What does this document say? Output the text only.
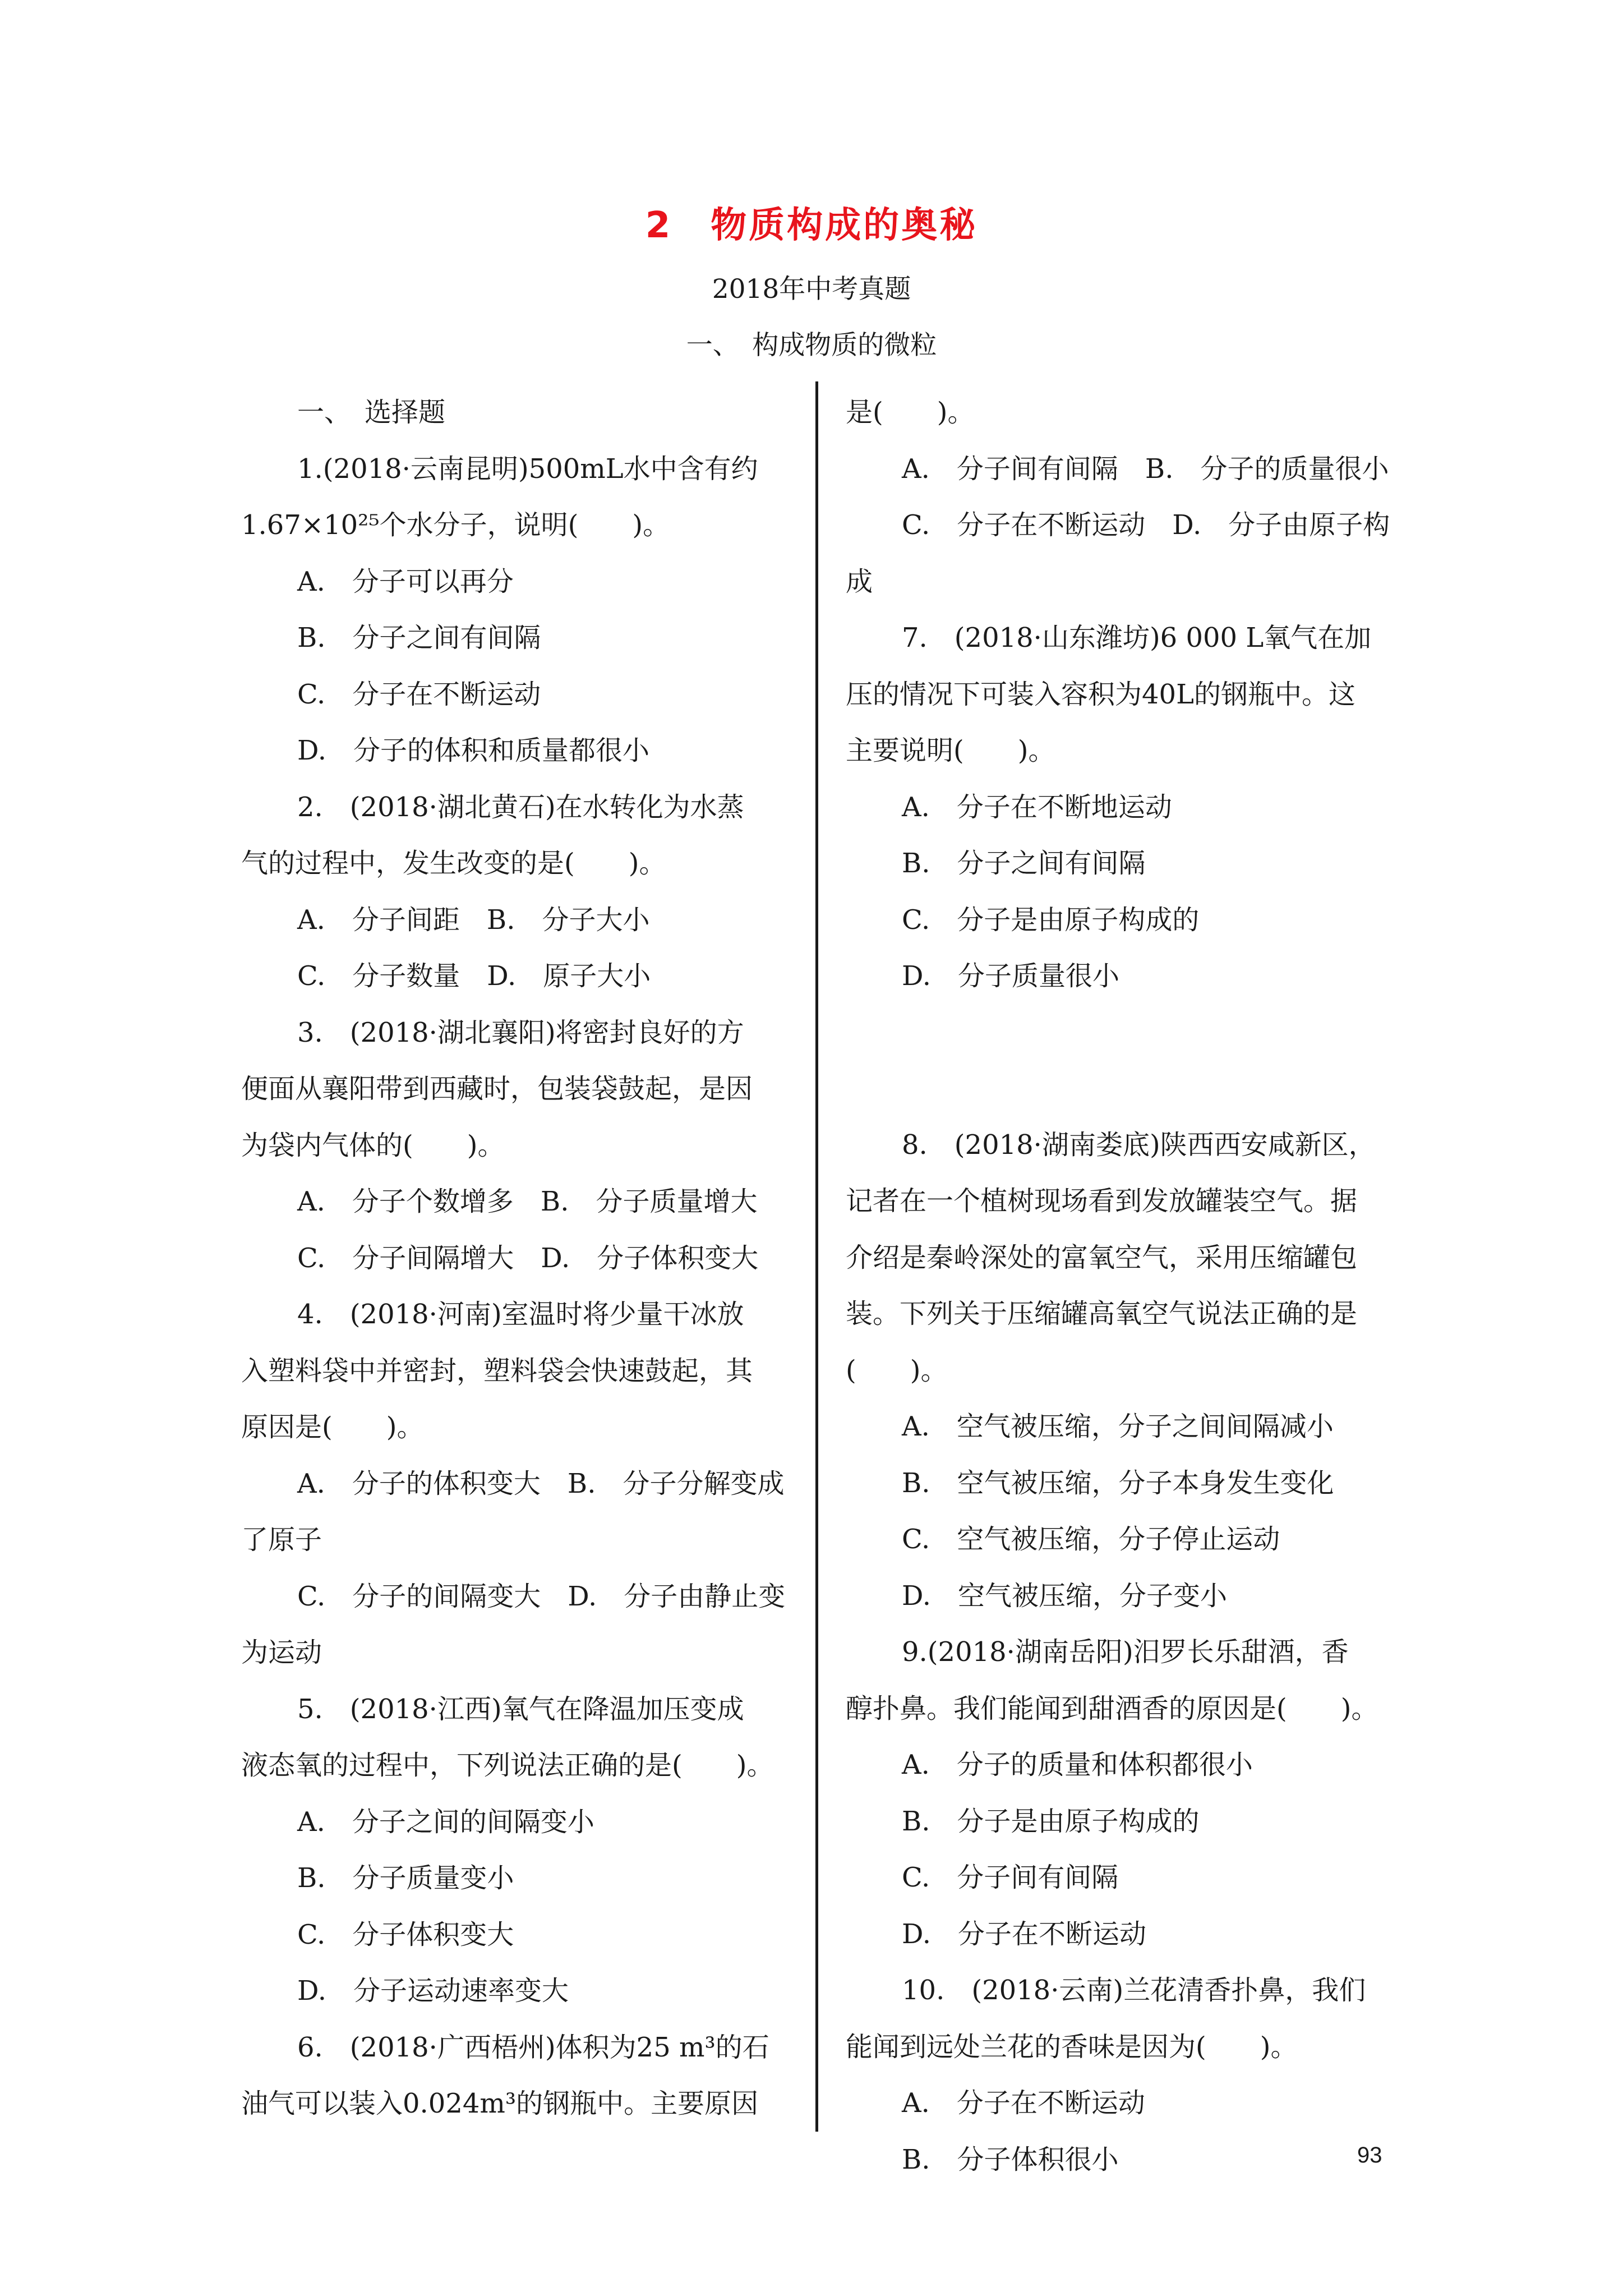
2　物质构成的奥秘
2018年中考真题
一、　构成物质的微粒

一、　选择题

1.(2018·云南昆明)500mL水中含有约

1.67×10²⁵个水分子，说明(　　)。

A.　分子可以再分

B.　分子之间有间隔

C.　分子在不断运动

D.　分子的体积和质量都很小

2.　(2018·湖北黄石)在水转化为水蒸

气的过程中，发生改变的是(　　)。

A.　分子间距　B.　分子大小

C.　分子数量　D.　原子大小

3.　(2018·湖北襄阳)将密封良好的方

便面从襄阳带到西藏时，包装袋鼓起，是因

为袋内气体的(　　)。

A.　分子个数增多　B.　分子质量增大

C.　分子间隔增大　D.　分子体积变大

4.　(2018·河南)室温时将少量干冰放

入塑料袋中并密封，塑料袋会快速鼓起，其

原因是(　　)。

A.　分子的体积变大　B.　分子分解变成

了原子

C.　分子的间隔变大　D.　分子由静止变

为运动

5.　(2018·江西)氧气在降温加压变成

液态氧的过程中，下列说法正确的是(　　)。

A.　分子之间的间隔变小

B.　分子质量变小

C.　分子体积变大

D.　分子运动速率变大

6.　(2018·广西梧州)体积为25 m³的石

油气可以装入0.024m³的钢瓶中。主要原因

是(　　)。

A.　分子间有间隔　B.　分子的质量很小

C.　分子在不断运动　D.　分子由原子构

成

7.　(2018·山东潍坊)6 000 L氧气在加

压的情况下可装入容积为40L的钢瓶中。这

主要说明(　　)。

A.　分子在不断地运动

B.　分子之间有间隔

C.　分子是由原子构成的

D.　分子质量很小

8.　(2018·湖南娄底)陕西西安咸新区，

记者在一个植树现场看到发放罐装空气。据

介绍是秦岭深处的富氧空气，采用压缩罐包

装。下列关于压缩罐高氧空气说法正确的是

(　　)。

A.　空气被压缩，分子之间间隔减小

B.　空气被压缩，分子本身发生变化

C.　空气被压缩，分子停止运动

D.　空气被压缩，分子变小

9.(2018·湖南岳阳)汨罗长乐甜酒，香

醇扑鼻。我们能闻到甜酒香的原因是(　　)。

A.　分子的质量和体积都很小

B.　分子是由原子构成的

C.　分子间有间隔

D.　分子在不断运动

10.　(2018·云南)兰花清香扑鼻，我们

能闻到远处兰花的香味是因为(　　)。

A.　分子在不断运动

B.　分子体积很小	93
